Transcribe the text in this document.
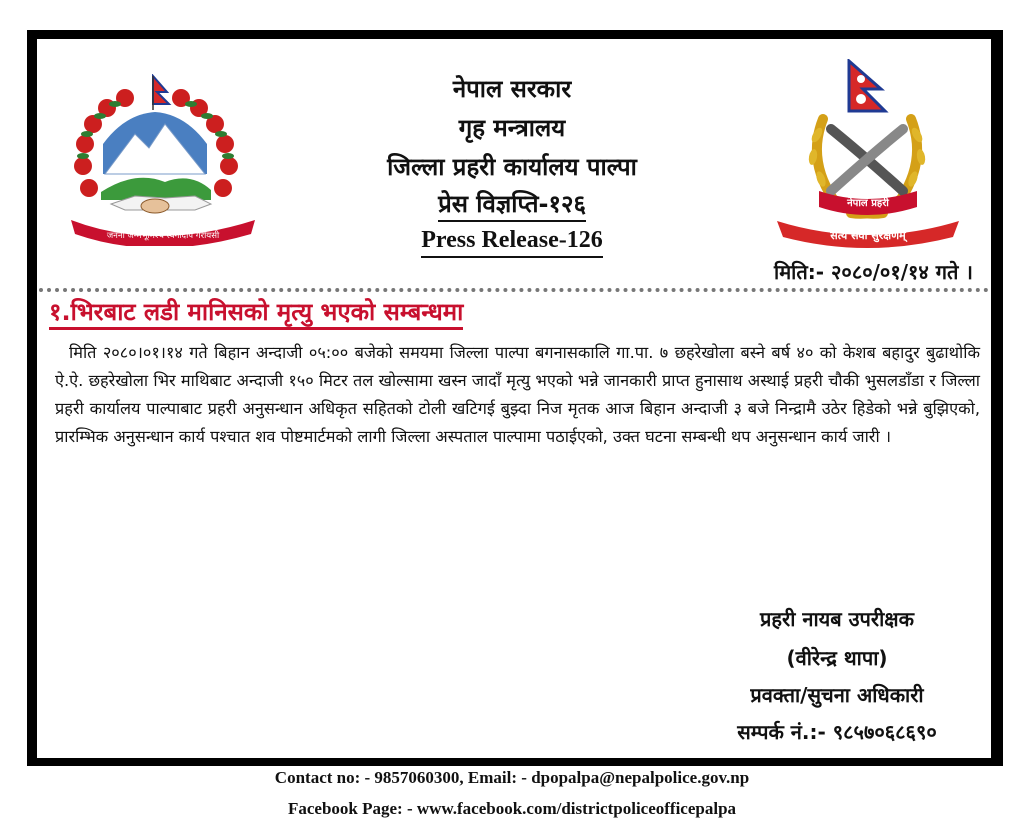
जननी जन्मभूमिश्च स्वर्गादपि गरीयसी
नेपाल प्रहरी
सत्य सेवा सुरक्षणम्
नेपाल सरकार
गृह मन्त्रालय
जिल्ला प्रहरी कार्यालय पाल्पा
प्रेस विज्ञप्ति-१२६
Press Release-126
मिति:- २०८०/०१/१४ गते ।
१.भिरबाट लडी मानिसको मृत्यु भएको सम्बन्धमा

मिति २०८०।०१।१४ गते बिहान अन्दाजी ०५:०० बजेको समयमा जिल्ला पाल्पा बगनासकालि गा.पा. ७ छहरेखोला बस्ने बर्ष ४० को केशब बहादुर बुढाथोकि ऐ.ऐ. छहरेखोला भिर माथिबाट अन्दाजी १५० मिटर तल खोल्सामा खस्न जादाँ मृत्यु भएको भन्ने जानकारी प्राप्त हुनासाथ अस्थाई प्रहरी चौकी भुसलडाँडा र जिल्ला प्रहरी कार्यालय पाल्पाबाट प्रहरी अनुसन्धान अधिकृत सहितको टोली खटिगई बुझ्दा निज मृतक आज बिहान अन्दाजी ३ बजे निन्द्रामै उठेर हिडेको भन्ने बुझिएको, प्रारम्भिक अनुसन्धान कार्य पश्चात शव पोष्टमार्टमको लागी जिल्ला अस्पताल पाल्पामा पठाईएको, उक्त घटना सम्बन्धी थप अनुसन्धान कार्य जारी ।

प्रहरी नायब उपरीक्षक
(वीरेन्द्र थापा)
प्रवक्ता/सुचना अधिकारी
सम्पर्क नं.:- ९८५७०६८६९०
Contact no: - 9857060300, Email: - dpopalpa@nepalpolice.gov.np
Facebook Page: - www.facebook.com/districtpoliceofficepalpa
